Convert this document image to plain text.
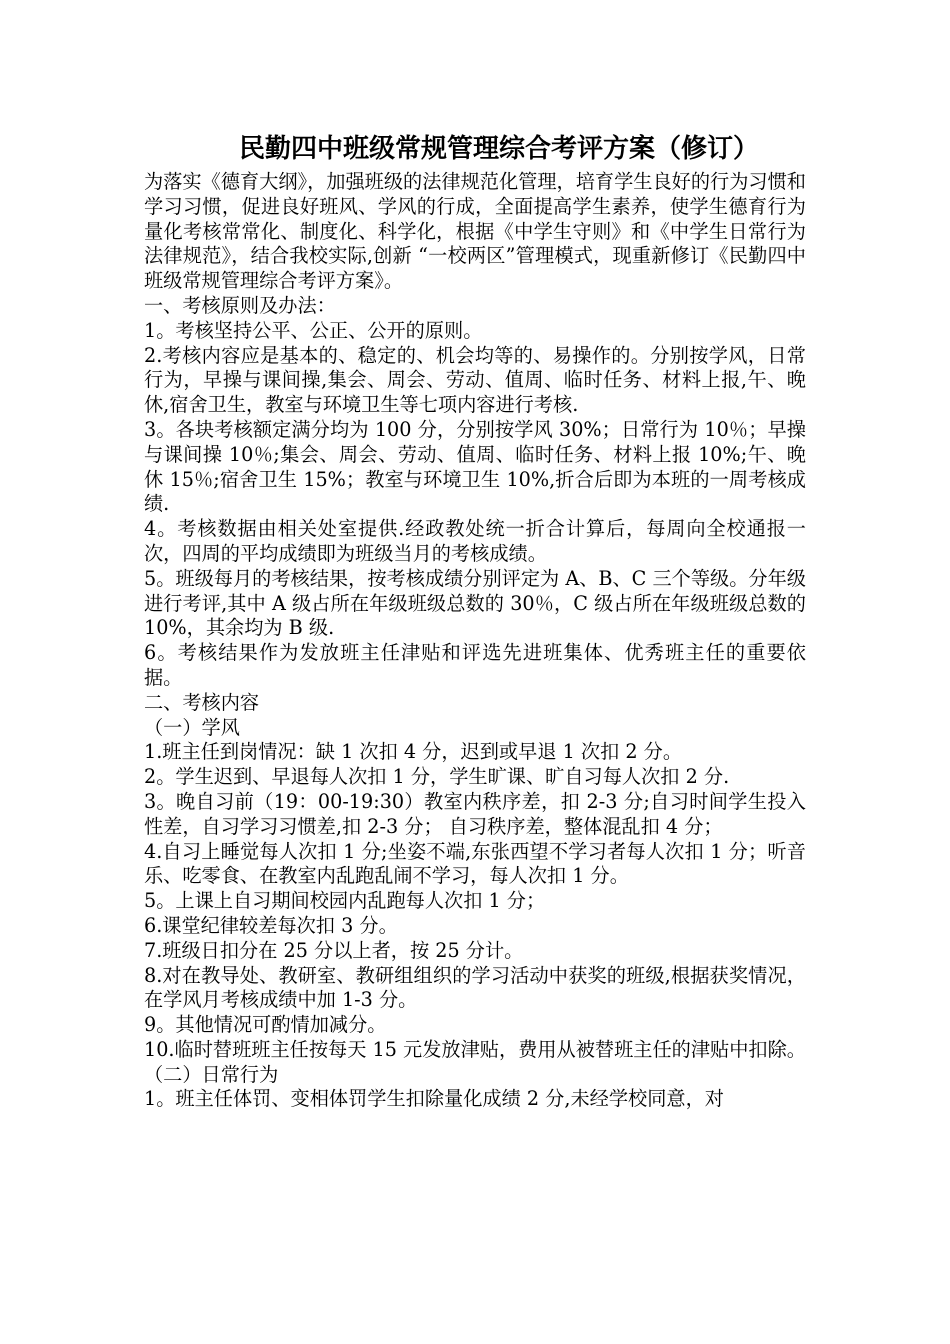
民勤四中班级常规管理综合考评方案（修订）

为落实《德育大纲》，加强班级的法律规范化管理，培育学生良好的行为习惯和学习习惯，促进良好班风、学风的行成，全面提高学生素养，使学生德育行为量化考核常常化、制度化、科学化，根据《中学生守则》和《中学生日常行为法律规范》，结合我校实际,创新 “一校两区”管理模式，现重新修订《民勤四中班级常规管理综合考评方案》。

一、考核原则及办法：

1。考核坚持公平、公正、公开的原则。

2.考核内容应是基本的、稳定的、机会均等的、易操作的。分别按学风，日常行为，早操与课间操,集会、周会、劳动、值周、临时任务、材料上报,午、晚休,宿舍卫生，教室与环境卫生等七项内容进行考核.

3。各块考核额定满分均为 100 分，分别按学风 30%；日常行为 10％；早操与课间操 10％;集会、周会、劳动、值周、临时任务、材料上报 10%;午、晚休 15％;宿舍卫生 15%；教室与环境卫生 10%,折合后即为本班的一周考核成绩.

4。考核数据由相关处室提供.经政教处统一折合计算后，每周向全校通报一次，四周的平均成绩即为班级当月的考核成绩。

5。班级每月的考核结果，按考核成绩分别评定为 A、B、C 三个等级。分年级进行考评,其中 A 级占所在年级班级总数的 30％，C 级占所在年级班级总数的 10%，其余均为 B 级.

6。考核结果作为发放班主任津贴和评选先进班集体、优秀班主任的重要依据。

二、考核内容

（一）学风

1.班主任到岗情况：缺 1 次扣 4 分，迟到或早退 1 次扣 2 分。

2。学生迟到、早退每人次扣 1 分，学生旷课、旷自习每人次扣 2 分.

3。晚自习前（19：00-19:30）教室内秩序差，扣 2-3 分;自习时间学生投入性差，自习学习习惯差,扣 2-3 分； 自习秩序差，整体混乱扣 4 分；

4.自习上睡觉每人次扣 1 分;坐姿不端,东张西望不学习者每人次扣 1 分；听音乐、吃零食、在教室内乱跑乱闹不学习，每人次扣 1 分。

5。上课上自习期间校园内乱跑每人次扣 1 分；

6.课堂纪律较差每次扣 3 分。

7.班级日扣分在 25 分以上者，按 25 分计。

8.对在教导处、教研室、教研组组织的学习活动中获奖的班级,根据获奖情况，在学风月考核成绩中加 1-3 分。

9。其他情况可酌情加减分。

10.临时替班班主任按每天 15 元发放津贴，费用从被替班主任的津贴中扣除。

（二）日常行为

1。班主任体罚、变相体罚学生扣除量化成绩 2 分,未经学校同意，对
